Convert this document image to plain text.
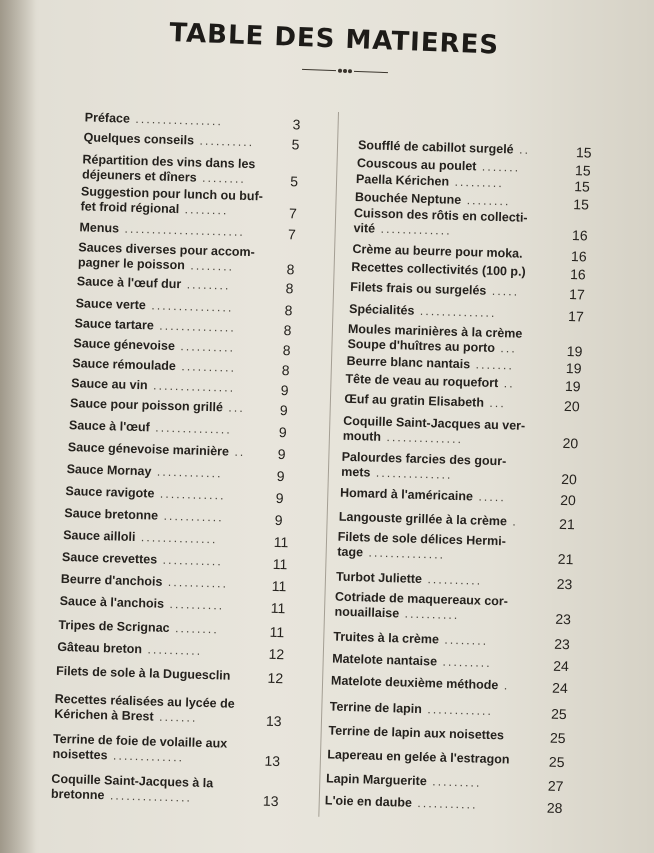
TABLE DES MATIERES
Préface ................	3
Quelques conseils ..........	5
Répartition des vins dans les
déjeuners et dîners ........	5
Suggestion pour lunch ou buf-
fet froid régional ........	7
Menus ......................	7
Sauces diverses pour accom-
pagner le poisson ........	8
Sauce à l'œuf dur ........	8
Sauce verte ...............	8
Sauce tartare ..............	8
Sauce génevoise ..........	8
Sauce rémoulade ..........	8
Sauce au vin ...............	9
Sauce pour poisson grillé ...	9
Sauce à l'œuf ..............	9
Sauce génevoise marinière ..	9
Sauce Mornay ............	9
Sauce ravigote ............	9
Sauce bretonne ...........	9
Sauce ailloli ..............	11
Sauce crevettes ...........	11
Beurre d'anchois ...........	11
Sauce à l'anchois ..........	11
Tripes de Scrignac ........	11
Gâteau breton ..........	12
Filets de sole à la Duguesclin	12
Recettes réalisées au lycée de
Kérichen à Brest .......	13
Terrine de foie de volaille aux
noisettes .............	13
Coquille Saint-Jacques à la
bretonne ...............	13
Soufflé de cabillot surgelé ..	15
Couscous au poulet .......	15
Paella Kérichen .........	15
Bouchée Neptune ........	15
Cuisson des rôtis en collecti-
vité .............	16
Crème au beurre pour moka.	16
Recettes collectivités (100 p.)	16
Filets frais ou surgelés .....	17
Spécialités ..............	17
Moules marinières à la crème
Soupe d'huîtres au porto ...	19
Beurre blanc nantais .......	19
Tête de veau au roquefort ..	19
Œuf au gratin Elisabeth ...	20
Coquille Saint-Jacques au ver-
mouth ..............	20
Palourdes farcies des gour-
mets ..............	20
Homard à l'américaine .....	20
Langouste grillée à la crème .	21
Filets de sole délices Hermi-
tage ..............	21
Turbot Juliette ..........	23
Cotriade de maquereaux cor-
nouaillaise ..........	23
Truites à la crème ........	23
Matelote nantaise .........	24
Matelote deuxième méthode .	24
Terrine de lapin ............	25
Terrine de lapin aux noisettes	25
Lapereau en gelée à l'estragon	25
Lapin Marguerite .........	27
L'oie en daube ...........	28
